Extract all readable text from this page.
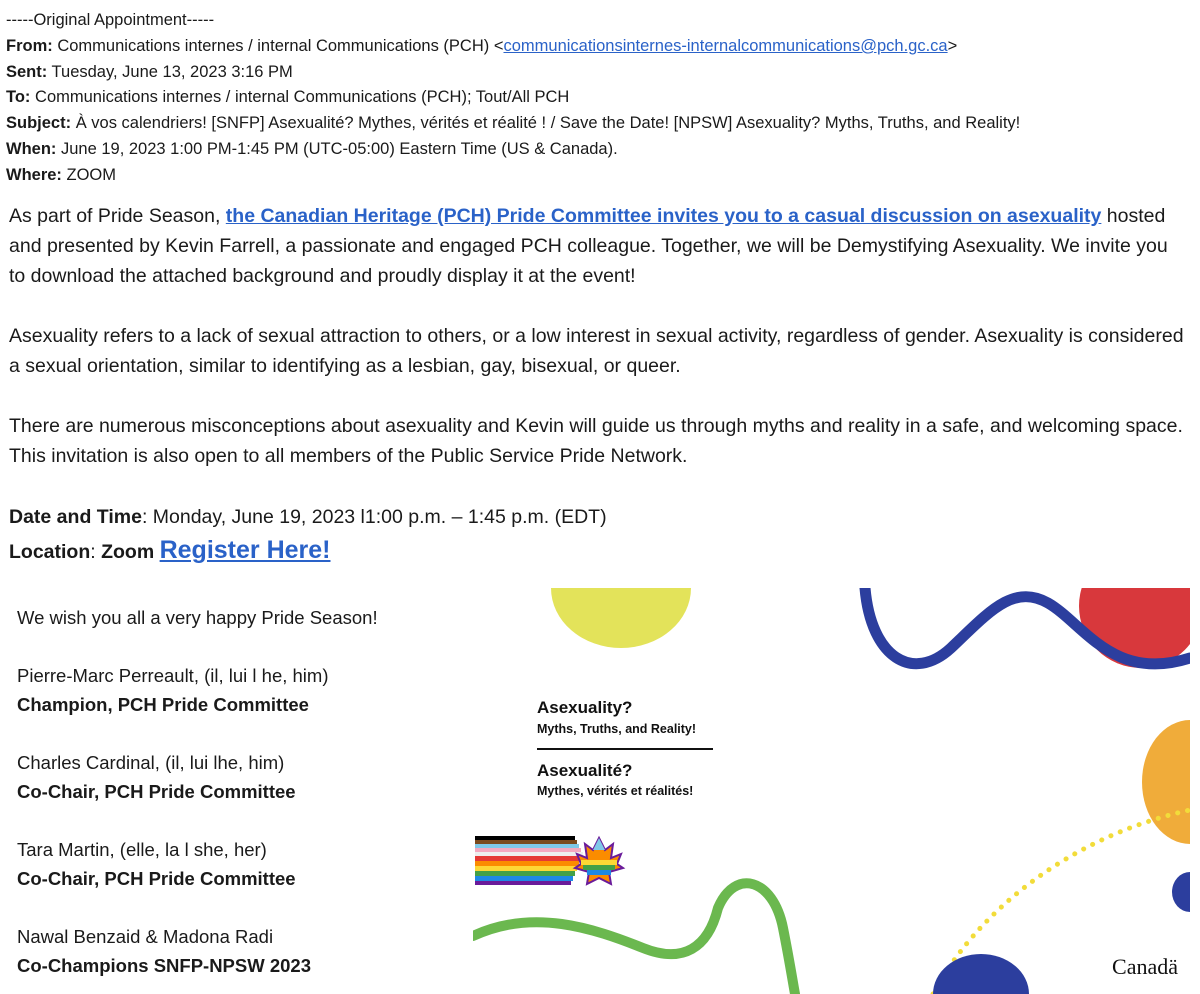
-----Original Appointment-----
From: Communications internes / internal Communications (PCH) <communicationsinternes-internalcommunications@pch.gc.ca>
Sent: Tuesday, June 13, 2023 3:16 PM
To: Communications internes / internal Communications (PCH); Tout/All PCH
Subject: À vos calendriers! [SNFP] Asexualité? Mythes, vérités et réalité ! / Save the Date! [NPSW] Asexuality? Myths, Truths, and Reality!
When: June 19, 2023 1:00 PM-1:45 PM (UTC-05:00) Eastern Time (US & Canada).
Where: ZOOM

As part of Pride Season, the Canadian Heritage (PCH) Pride Committee invites you to a casual discussion on asexuality hosted and presented by Kevin Farrell, a passionate and engaged PCH colleague. Together, we will be Demystifying Asexuality. We invite you to download the attached background and proudly display it at the event!

Asexuality refers to a lack of sexual attraction to others, or a low interest in sexual activity, regardless of gender. Asexuality is considered a sexual orientation, similar to identifying as a lesbian, gay, bisexual, or queer.

There are numerous misconceptions about asexuality and Kevin will guide us through myths and reality in a safe, and welcoming space. This invitation is also open to all members of the Public Service Pride Network.

Date and Time: Monday, June 19, 2023 l1:00 p.m. – 1:45 p.m. (EDT)
Location: Zoom Register Here!
We wish you all a very happy Pride Season!
Pierre-Marc Perreault, (il, lui l he, him)
Champion, PCH Pride Committee
Charles Cardinal, (il, lui lhe, him)
Co-Chair, PCH Pride Committee
Tara Martin, (elle, la l she, her)
Co-Chair, PCH Pride Committee
Nawal Benzaid & Madona Radi
Co-Champions SNFP-NPSW 2023
Asexuality?
Myths, Truths, and Reality!
Asexualité?
Mythes, vérités et réalités!
Canadä
